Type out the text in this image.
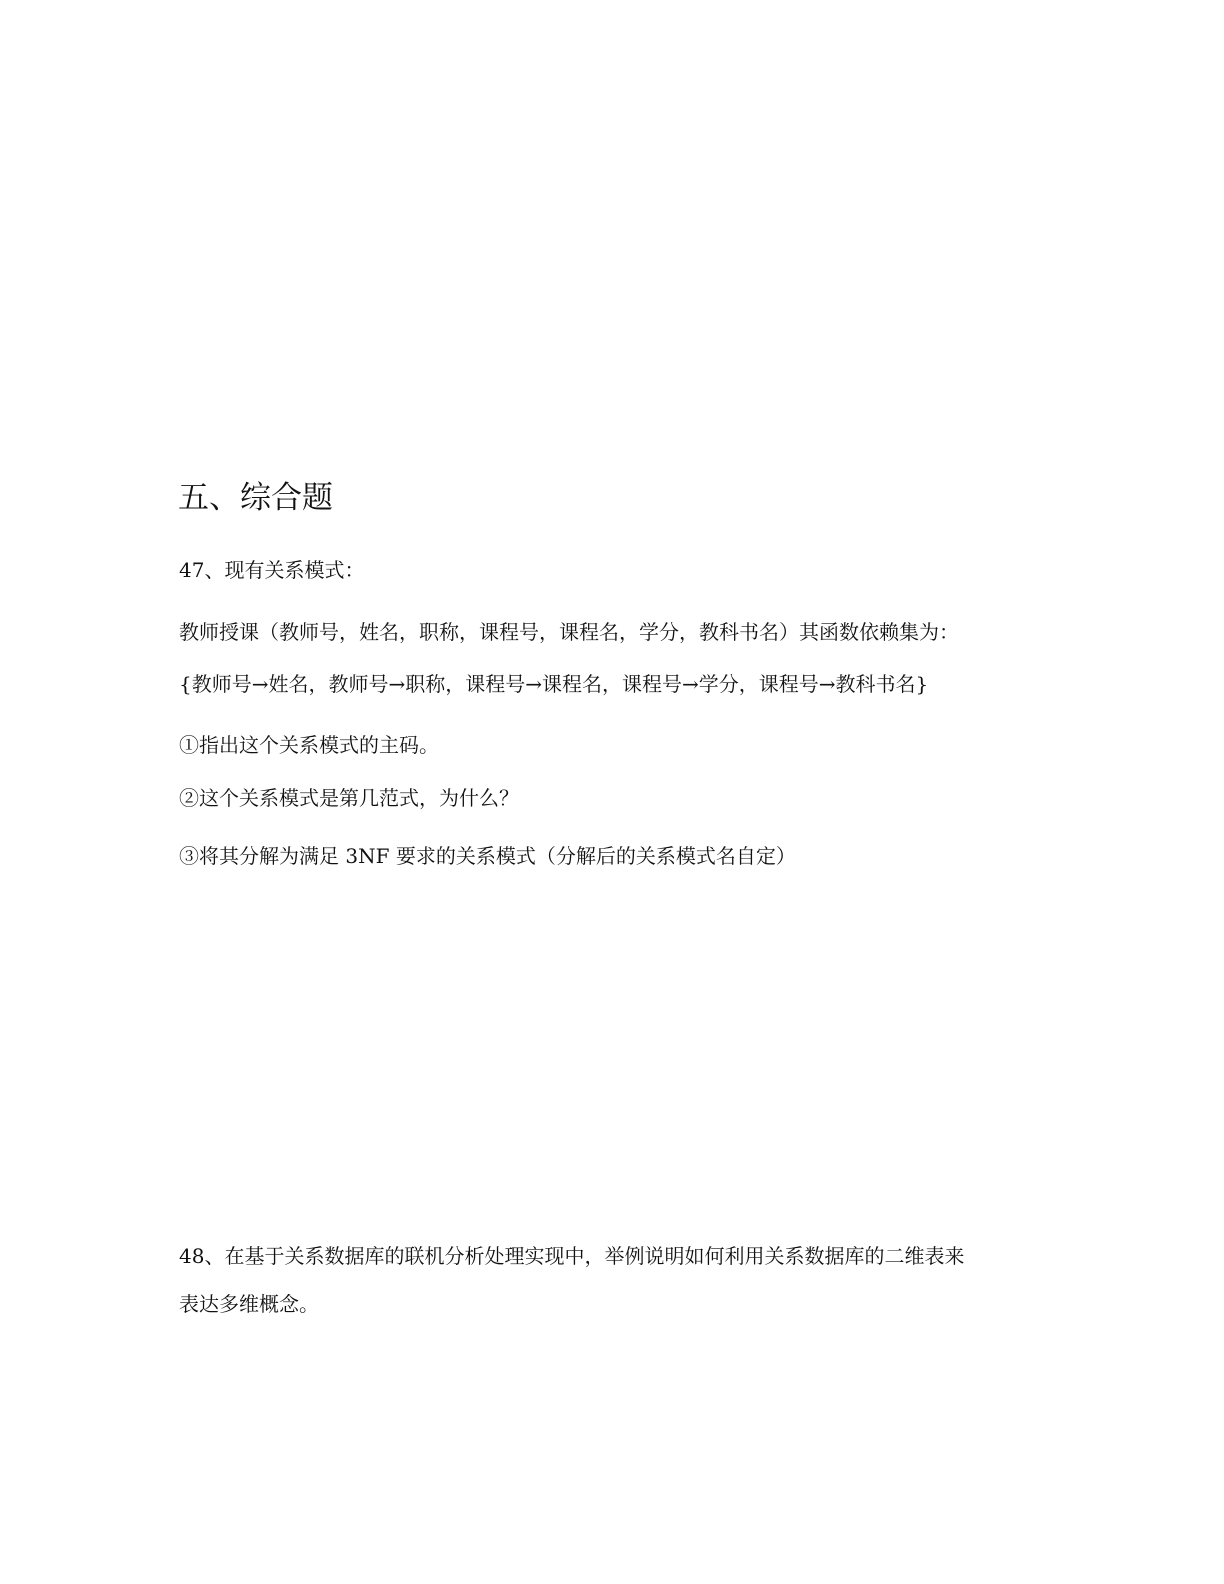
五、综合题
47、现有关系模式：
教师授课（教师号，姓名，职称，课程号，课程名，学分，教科书名）其函数依赖集为：
{教师号→姓名，教师号→职称，课程号→课程名，课程号→学分，课程号→教科书名}
①指出这个关系模式的主码。
②这个关系模式是第几范式，为什么？
③将其分解为满足 3NF 要求的关系模式（分解后的关系模式名自定）
48、在基于关系数据库的联机分析处理实现中，举例说明如何利用关系数据库的二维表来
表达多维概念。
